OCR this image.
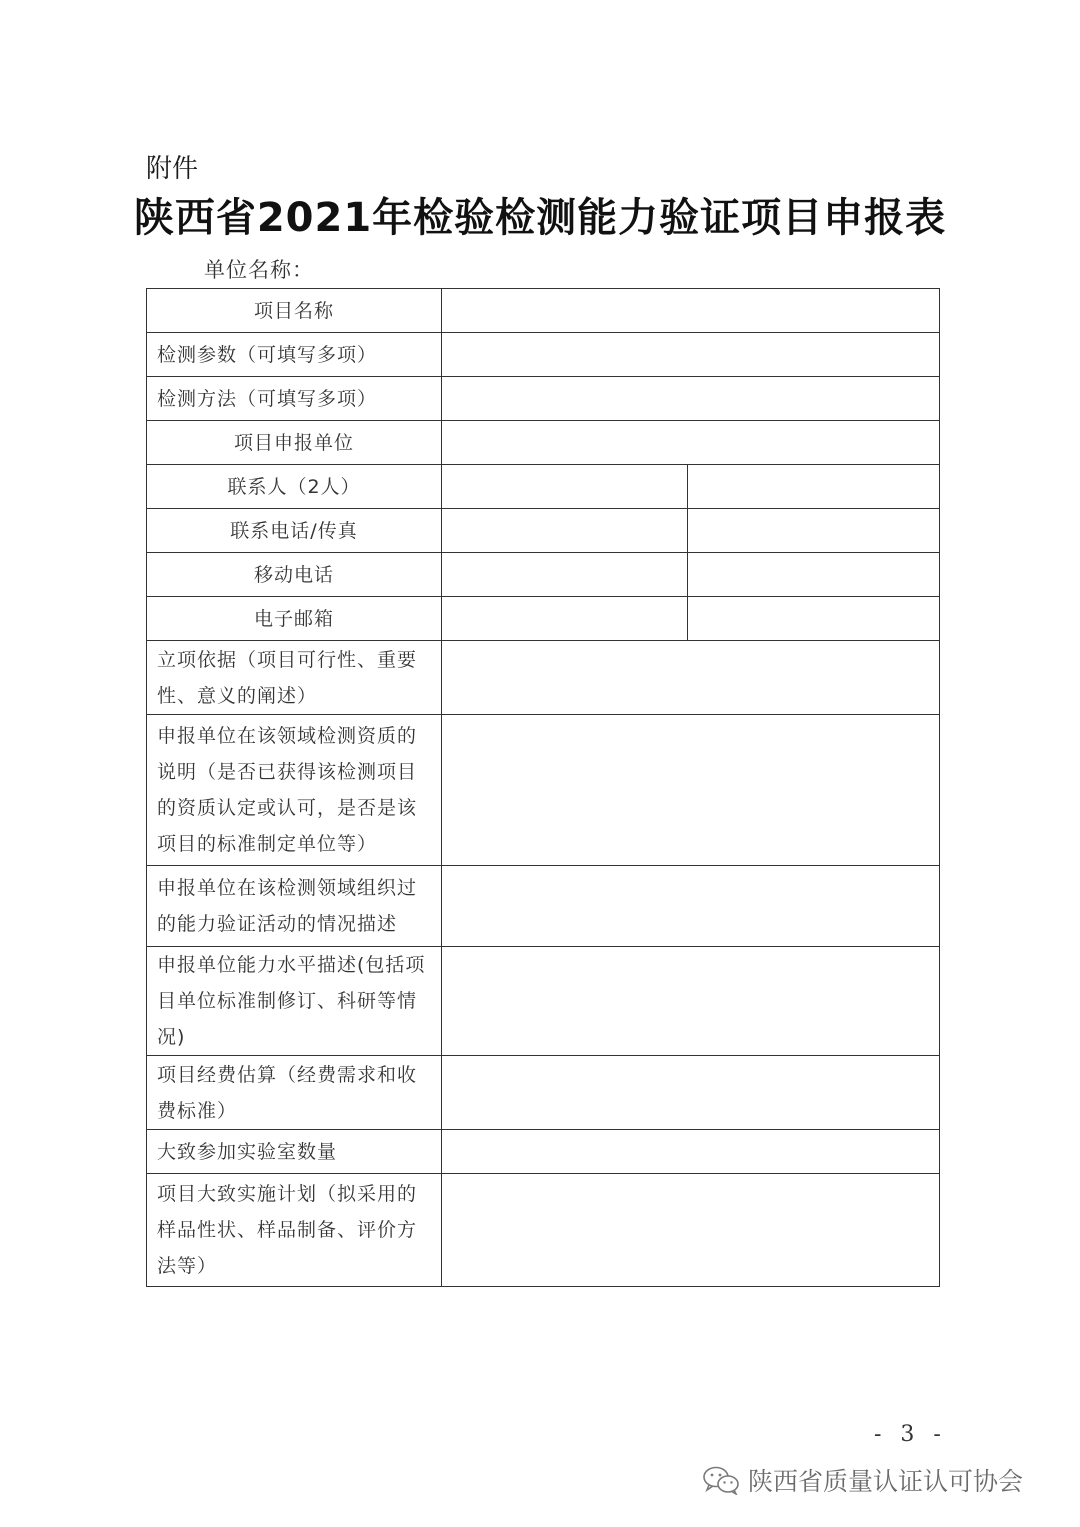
附件
陕西省2021年检验检测能力验证项目申报表
单位名称：
项目名称		
检测参数（可填写多项）		
检测方法（可填写多项）		
项目申报单位		
联系人（2人）		
联系电话/传真		
移动电话		
电子邮箱		
立项依据（项目可行性、重要性、意义的阐述）		
申报单位在该领域检测资质的说明（是否已获得该检测项目的资质认定或认可，是否是该项目的标准制定单位等）		
申报单位在该检测领域组织过的能力验证活动的情况描述		
申报单位能力水平描述(包括项目单位标准制修订、科研等情况)		
项目经费估算（经费需求和收费标准）		
大致参加实验室数量		
项目大致实施计划（拟采用的样品性状、样品制备、评价方法等）		
- 3 -
陕西省质量认证认可协会
